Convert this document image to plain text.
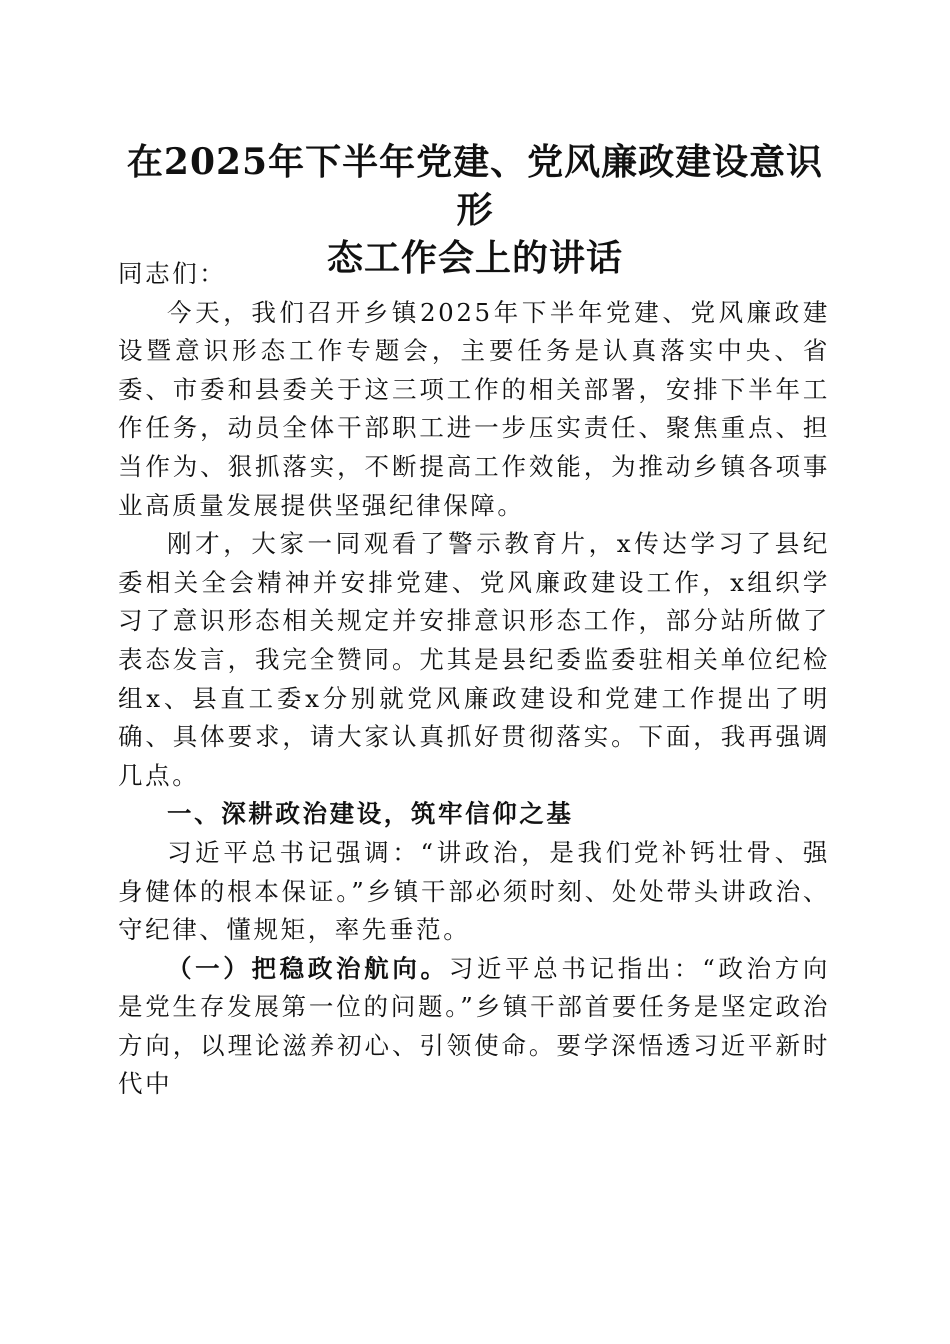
在2025年下半年党建、党风廉政建设意识形
态工作会上的讲话

同志们：

今天，我们召开乡镇2025年下半年党建、党风廉政建设暨意识形态工作专题会，主要任务是认真落实中央、省委、市委和县委关于这三项工作的相关部署，安排下半年工作任务，动员全体干部职工进一步压实责任、聚焦重点、担当作为、狠抓落实，不断提高工作效能，为推动乡镇各项事业高质量发展提供坚强纪律保障。

刚才，大家一同观看了警示教育片，x传达学习了县纪委相关全会精神并安排党建、党风廉政建设工作，x组织学习了意识形态相关规定并安排意识形态工作，部分站所做了表态发言，我完全赞同。尤其是县纪委监委驻相关单位纪检组x、县直工委x分别就党风廉政建设和党建工作提出了明确、具体要求，请大家认真抓好贯彻落实。下面，我再强调几点。

一、深耕政治建设，筑牢信仰之基

习近平总书记强调：“讲政治，是我们党补钙壮骨、强身健体的根本保证。”乡镇干部必须时刻、处处带头讲政治、守纪律、懂规矩，率先垂范。

（一）把稳政治航向。习近平总书记指出：“政治方向是党生存发展第一位的问题。”乡镇干部首要任务是坚定政治方向，以理论滋养初心、引领使命。要学深悟透习近平新时代中
